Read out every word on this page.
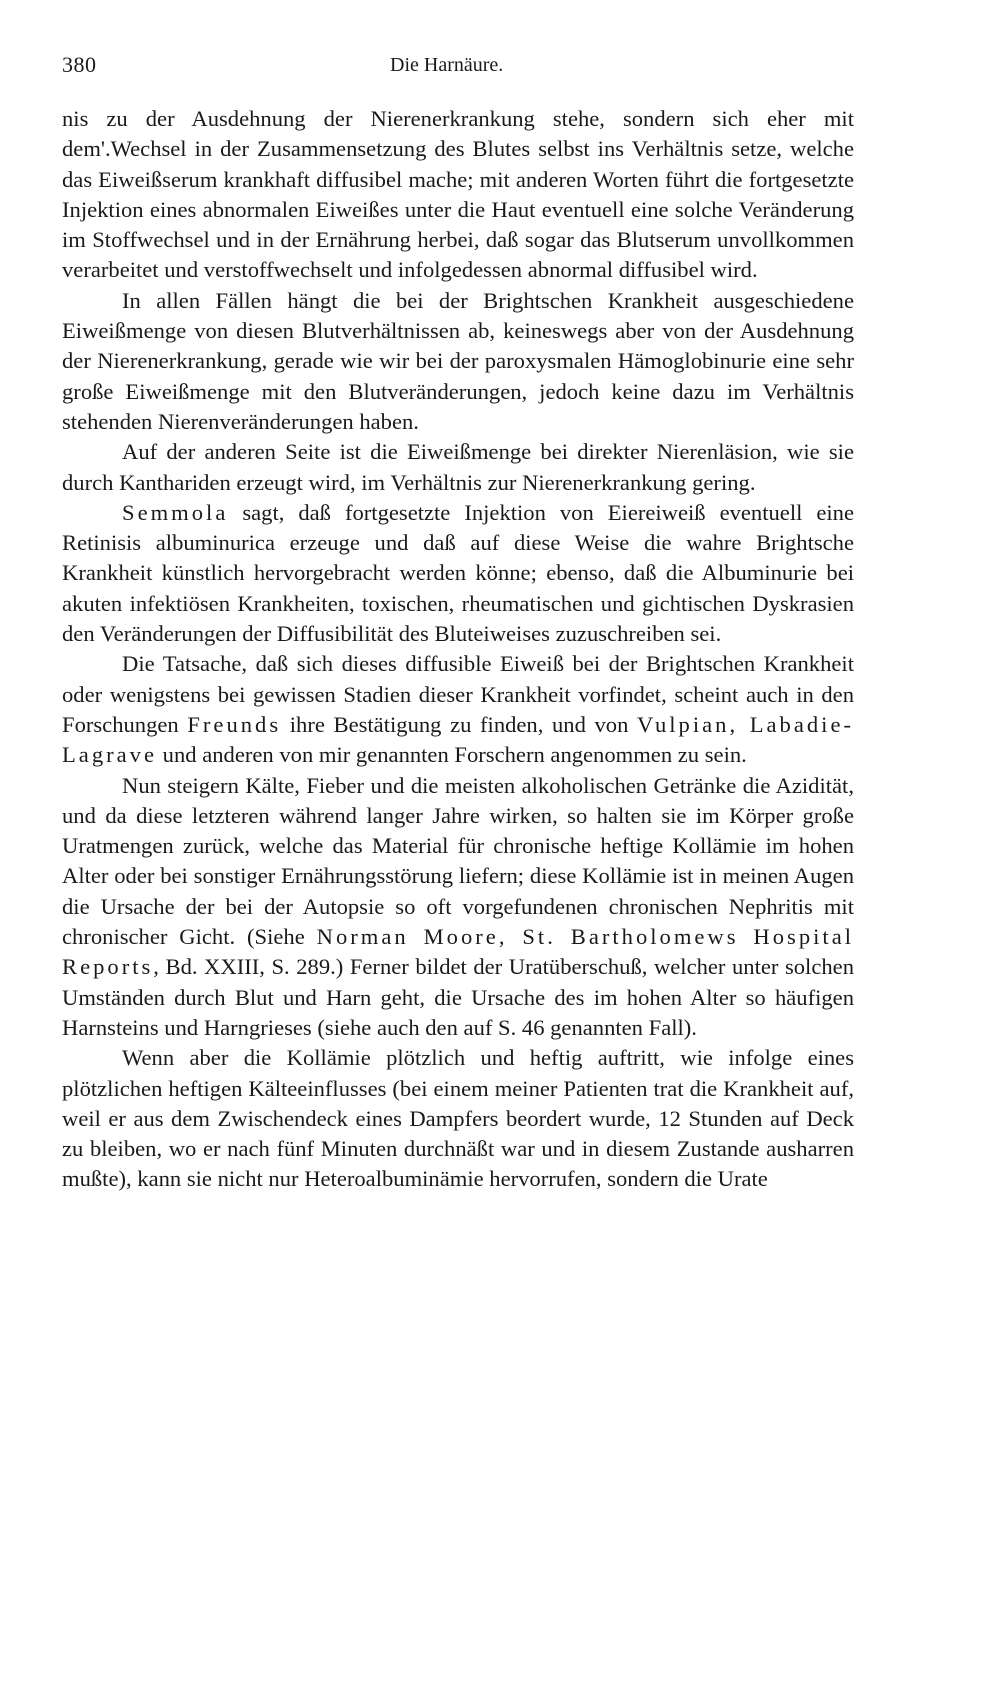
380	Die Harnäure.

nis zu der Ausdehnung der Nierenerkrankung stehe, sondern sich eher mit dem'.Wechsel in der Zusammensetzung des Blutes selbst ins Verhältnis setze, welche das Eiweißserum krankhaft diffusibel mache; mit anderen Worten führt die fortgesetzte Injektion eines abnormalen Eiweißes unter die Haut eventuell eine solche Veränderung im Stoffwechsel und in der Ernährung herbei, daß sogar das Blutserum unvollkommen verarbeitet und verstoffwechselt und infolgedessen abnormal diffusibel wird.

In allen Fällen hängt die bei der Brightschen Krankheit ausgeschiedene Eiweißmenge von diesen Blutverhältnissen ab, keineswegs aber von der Ausdehnung der Nierenerkrankung, gerade wie wir bei der paroxysmalen Hämoglobinurie eine sehr große Eiweißmenge mit den Blutveränderungen, jedoch keine dazu im Verhältnis stehenden Nierenveränderungen haben.

Auf der anderen Seite ist die Eiweißmenge bei direkter Nierenläsion, wie sie durch Kanthariden erzeugt wird, im Verhältnis zur Nierenerkrankung gering.

Semmola sagt, daß fortgesetzte Injektion von Eiereiweiß eventuell eine Retinisis albuminurica erzeuge und daß auf diese Weise die wahre Brightsche Krankheit künstlich hervorgebracht werden könne; ebenso, daß die Albuminurie bei akuten infektiösen Krankheiten, toxischen, rheumatischen und gichtischen Dyskrasien den Veränderungen der Diffusibilität des Bluteiweises zuzuschreiben sei.

Die Tatsache, daß sich dieses diffusible Eiweiß bei der Brightschen Krankheit oder wenigstens bei gewissen Stadien dieser Krankheit vorfindet, scheint auch in den Forschungen Freunds ihre Bestätigung zu finden, und von Vulpian, Labadie-Lagrave und anderen von mir genannten Forschern angenommen zu sein.

Nun steigern Kälte, Fieber und die meisten alkoholischen Getränke die Azidität, und da diese letzteren während langer Jahre wirken, so halten sie im Körper große Uratmengen zurück, welche das Material für chronische heftige Kollämie im hohen Alter oder bei sonstiger Ernährungsstörung liefern; diese Kollämie ist in meinen Augen die Ursache der bei der Autopsie so oft vorgefundenen chronischen Nephritis mit chronischer Gicht. (Siehe Norman Moore, St. Bartholomews Hospital Reports, Bd. XXIII, S. 289.) Ferner bildet der Uratüberschuß, welcher unter solchen Umständen durch Blut und Harn geht, die Ursache des im hohen Alter so häufigen Harnsteins und Harngrieses (siehe auch den auf S. 46 genannten Fall).

Wenn aber die Kollämie plötzlich und heftig auftritt, wie infolge eines plötzlichen heftigen Kälteeinflusses (bei einem meiner Patienten trat die Krankheit auf, weil er aus dem Zwischendeck eines Dampfers beordert wurde, 12 Stunden auf Deck zu bleiben, wo er nach fünf Minuten durchnäßt war und in diesem Zustande ausharren mußte), kann sie nicht nur Heteroalbuminämie hervorrufen, sondern die Urate
